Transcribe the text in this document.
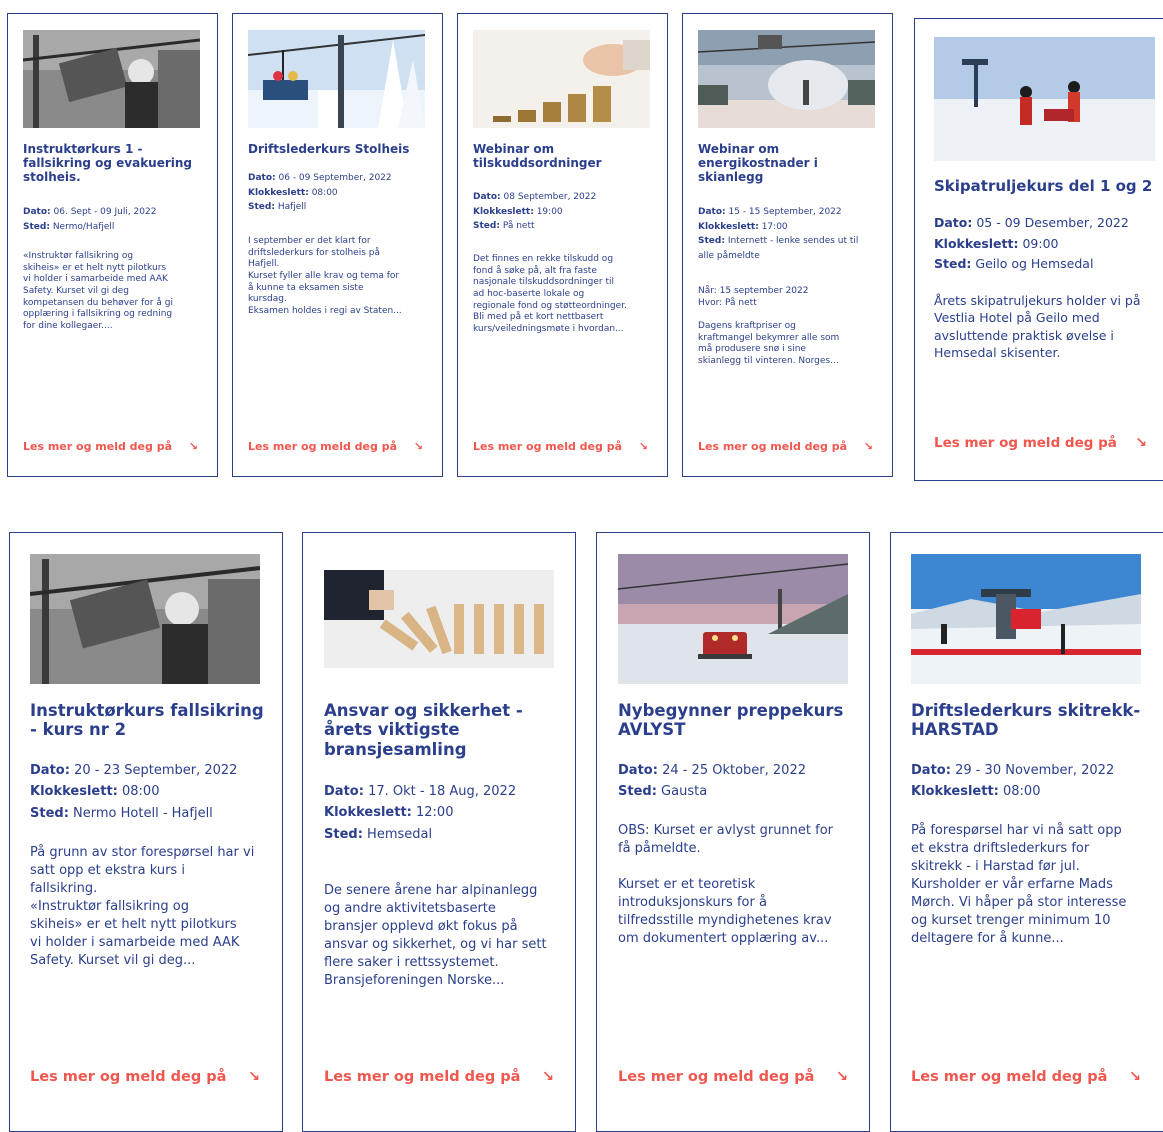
Instruktørkurs 1 -
fallsikring og evakuering
stolheis.
Dato: 06. Sept - 09 Juli, 2022
Sted: Nermo/Hafjell
«Instruktør fallsikring og
skiheis» er et helt nytt pilotkurs
vi holder i samarbeide med AAK
Safety. Kurset vil gi deg
kompetansen du behøver for å gi
opplæring i fallsikring og redning
for dine kollegaer....
Les mer og meld deg på ↘
Driftslederkurs Stolheis
Dato: 06 - 09 September, 2022
Klokkeslett: 08:00
Sted: Hafjell
I september er det klart for
driftslederkurs for stolheis på
Hafjell.
Kurset fyller alle krav og tema for
å kunne ta eksamen siste
kursdag.
Eksamen holdes i regi av Staten...
Les mer og meld deg på ↘
Webinar om
tilskuddsordninger
Dato: 08 September, 2022
Klokkeslett: 19:00
Sted: På nett
Det finnes en rekke tilskudd og
fond å søke på, alt fra faste
nasjonale tilskuddsordninger til
ad hoc-baserte lokale og
regionale fond og støtteordninger.
Bli med på et kort nettbasert
kurs/veiledningsmøte i hvordan...
Les mer og meld deg på ↘
Webinar om
energikostnader i
skianlegg
Dato: 15 - 15 September, 2022
Klokkeslett: 17:00
Sted: Internett - lenke sendes ut til alle påmeldte
Når: 15 september 2022
Hvor: På nett

Dagens kraftpriser og
kraftmangel bekymrer alle som
må produsere snø i sine
skianlegg til vinteren. Norges...
Les mer og meld deg på ↘
Skipatruljekurs del 1 og 2
Dato: 05 - 09 Desember, 2022
Klokkeslett: 09:00
Sted: Geilo og Hemsedal
Årets skipatruljekurs holder vi på
Vestlia Hotel på Geilo med
avsluttende praktisk øvelse i
Hemsedal skisenter.
Les mer og meld deg på ↘
Instruktørkurs fallsikring
- kurs nr 2
Dato: 20 - 23 September, 2022
Klokkeslett: 08:00
Sted: Nermo Hotell - Hafjell
På grunn av stor forespørsel har vi
satt opp et ekstra kurs i
fallsikring.
«Instruktør fallsikring og
skiheis» er et helt nytt pilotkurs
vi holder i samarbeide med AAK
Safety. Kurset vil gi deg...
Les mer og meld deg på ↘
Ansvar og sikkerhet -
årets viktigste
bransjesamling
Dato: 17. Okt - 18 Aug, 2022
Klokkeslett: 12:00
Sted: Hemsedal
De senere årene har alpinanlegg
og andre aktivitetsbaserte
bransjer opplevd økt fokus på
ansvar og sikkerhet, og vi har sett
flere saker i rettssystemet.
Bransjeforeningen Norske...
Les mer og meld deg på ↘
Nybegynner preppekurs
AVLYST
Dato: 24 - 25 Oktober, 2022
Sted: Gausta
OBS: Kurset er avlyst grunnet for
få påmeldte.

Kurset er et teoretisk
introduksjonskurs for å
tilfredsstille myndighetenes krav
om dokumentert opplæring av...
Les mer og meld deg på ↘
Driftslederkurs skitrekk-
HARSTAD
Dato: 29 - 30 November, 2022
Klokkeslett: 08:00
På forespørsel har vi nå satt opp
et ekstra driftslederkurs for
skitrekk - i Harstad før jul.
Kursholder er vår erfarne Mads
Mørch. Vi håper på stor interesse
og kurset trenger minimum 10
deltagere for å kunne...
Les mer og meld deg på ↘
